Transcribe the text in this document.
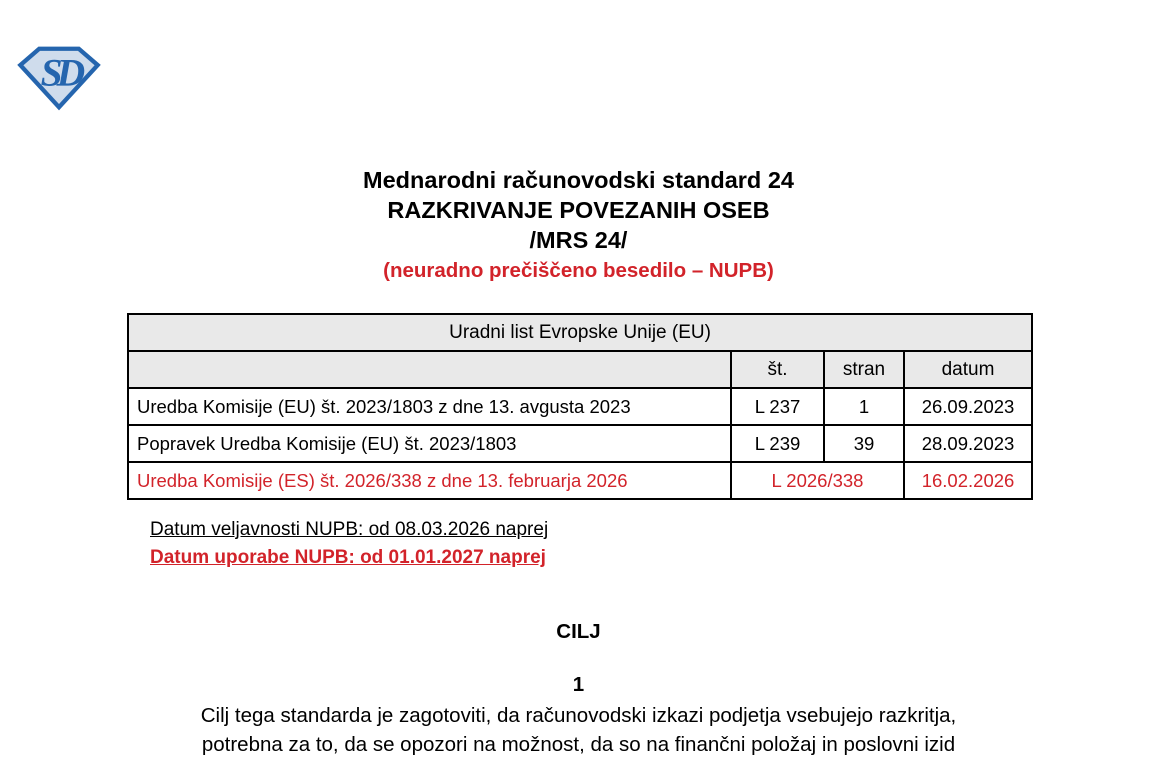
SD
Mednarodni računovodski standard 24
RAZKRIVANJE POVEZANIH OSEB
/MRS 24/
(neuradno prečiščeno besedilo – NUPB)
Uradni list Evropske Unije (EU)			
	št.	stran	datum
Uredba Komisije (EU) št. 2023/1803 z dne 13. avgusta 2023	L 237	1	26.09.2023
Popravek Uredba Komisije (EU) št. 2023/1803	L 239	39	28.09.2023
Uredba Komisije (ES) št. 2026/338 z dne 13. februarja 2026	L 2026/338		16.02.2026
Datum veljavnosti NUPB: od 08.03.2026 naprej
Datum uporabe NUPB: od 01.01.2027 naprej
CILJ
1
Cilj tega standarda je zagotoviti, da računovodski izkazi podjetja vsebujejo razkritja,
potrebna za to, da se opozori na možnost, da so na finančni položaj in poslovni izid
